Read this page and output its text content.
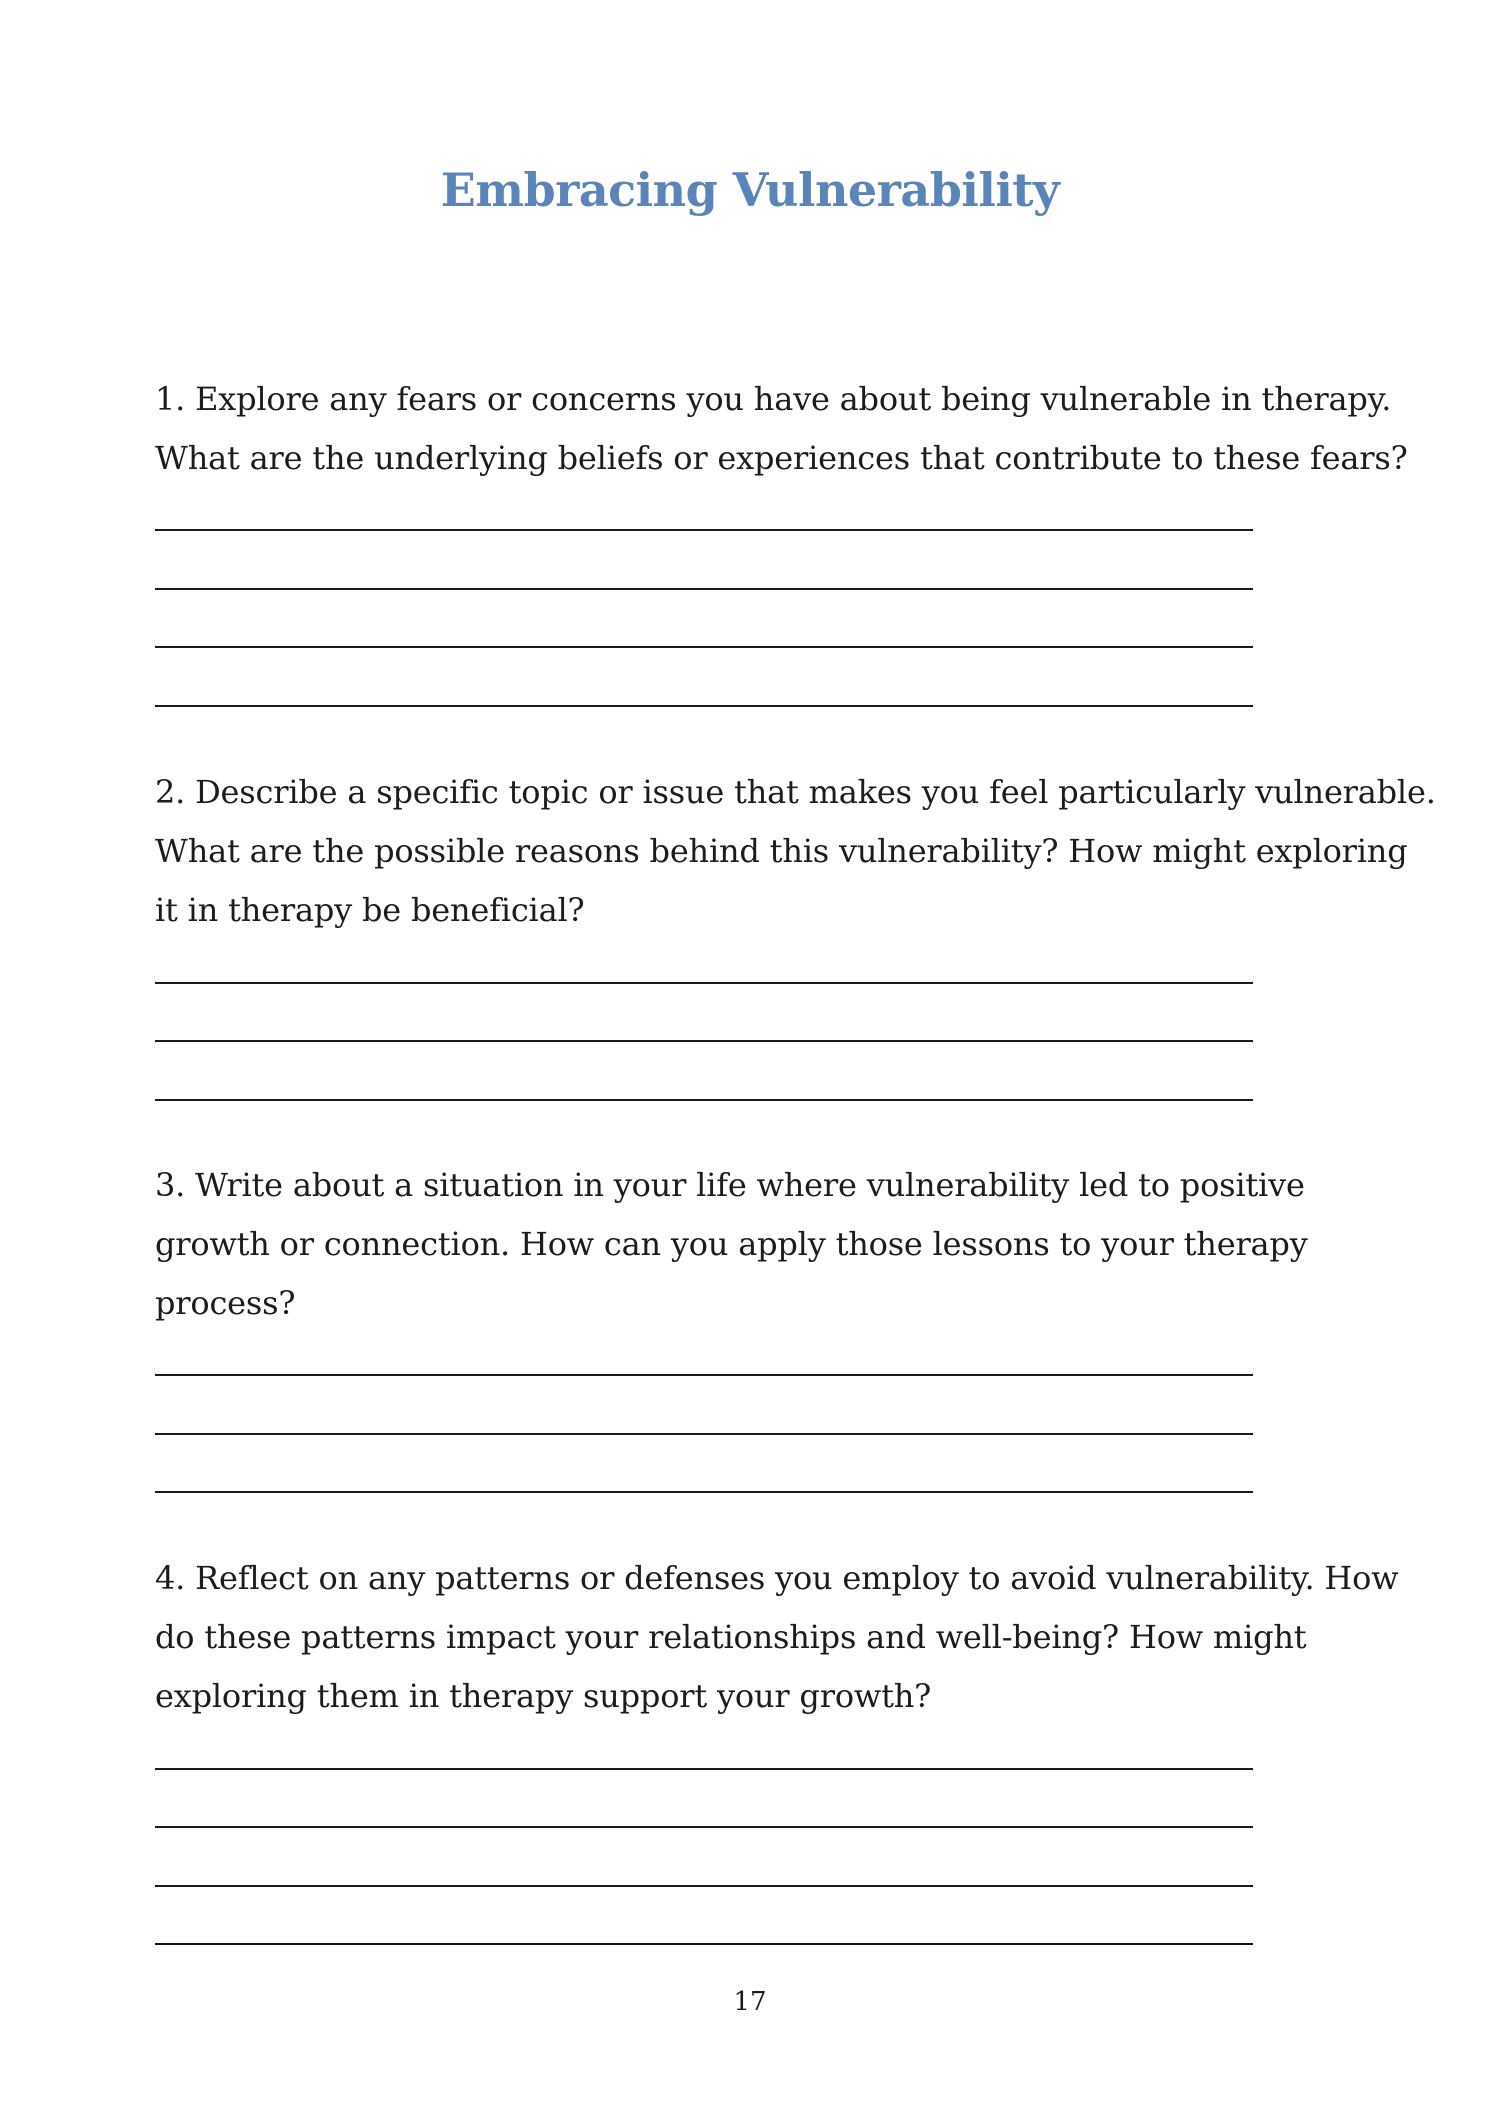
Embracing Vulnerability
1. Explore any fears or concerns you have about being vulnerable in therapy.
What are the underlying beliefs or experiences that contribute to these fears?
2. Describe a specific topic or issue that makes you feel particularly vulnerable.
What are the possible reasons behind this vulnerability? How might exploring
it in therapy be beneficial?
3. Write about a situation in your life where vulnerability led to positive
growth or connection. How can you apply those lessons to your therapy
process?
4. Reflect on any patterns or defenses you employ to avoid vulnerability. How
do these patterns impact your relationships and well-being? How might
exploring them in therapy support your growth?
17
